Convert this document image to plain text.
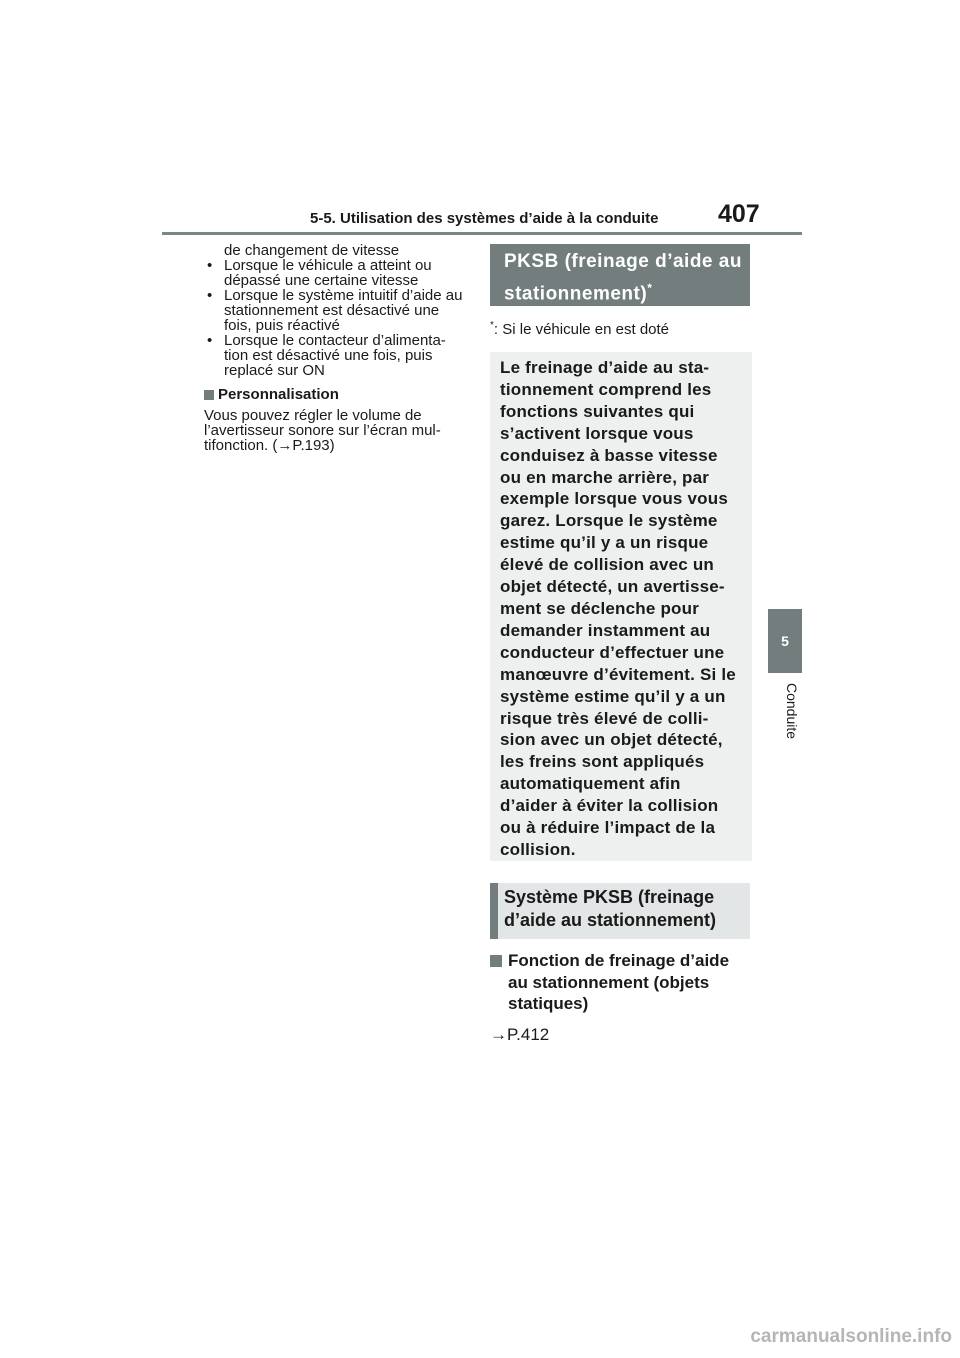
5-5. Utilisation des systèmes d’aide à la conduite 407
5
Conduite
de changement de vitesse
• Lorsque le véhicule a atteint ou dépassé une certaine vitesse
• Lorsque le système intuitif d’aide au stationnement est désactivé une fois, puis réactivé
• Lorsque le contacteur d’alimenta-tion est désactivé une fois, puis replacé sur ON
Personnalisation
Vous pouvez régler le volume de l’avertisseur sonore sur l’écran mul-tifonction. (→P.193)
PKSB (freinage d’aide au stationnement)*
*: Si le véhicule en est doté
Le freinage d’aide au sta-tionnement comprend les fonctions suivantes qui s’activent lorsque vous conduisez à basse vitesse ou en marche arrière, par exemple lorsque vous vous garez. Lorsque le système estime qu’il y a un risque élevé de collision avec un objet détecté, un avertisse-ment se déclenche pour demander instamment au conducteur d’effectuer une manœuvre d’évitement. Si le système estime qu’il y a un risque très élevé de colli-sion avec un objet détecté, les freins sont appliqués automatiquement afin d’aider à éviter la collision ou à réduire l’impact de la collision.
Système PKSB (freinage d’aide au stationnement)
Fonction de freinage d’aide au stationnement (objets statiques)
→P.412
carmanualsonline.info
